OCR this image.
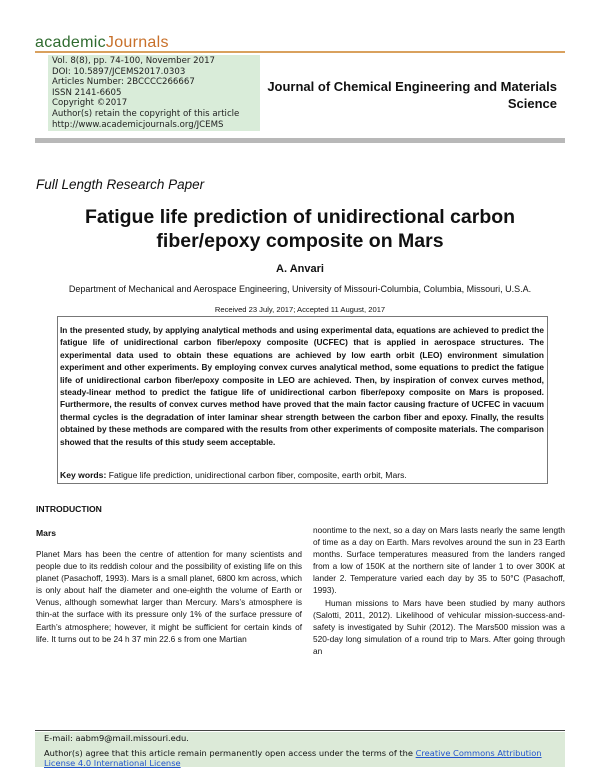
academicJournals
Vol. 8(8), pp. 74-100, November 2017
DOI: 10.5897/JCEMS2017.0303
Articles Number: 2BCCCC266667
ISSN 2141-6605
Copyright ©2017
Author(s) retain the copyright of this article
http://www.academicjournals.org/JCEMS
Journal of Chemical Engineering and Materials
Science
Full Length Research Paper
Fatigue life prediction of unidirectional carbon
fiber/epoxy composite on Mars
A. Anvari
Department of Mechanical and Aerospace Engineering, University of Missouri-Columbia, Columbia, Missouri, U.S.A.
Received 23 July, 2017; Accepted 11 August, 2017
In the presented study, by applying analytical methods and using experimental data, equations are achieved to predict the fatigue life of unidirectional carbon fiber/epoxy composite (UCFEC) that is applied in aerospace structures. The experimental data used to obtain these equations are achieved by low earth orbit (LEO) environment simulation experiment and other experiments. By employing convex curves analytical method, some equations to predict the fatigue life of unidirectional carbon fiber/epoxy composite in LEO are achieved. Then, by inspiration of convex curves method, steady-linear method to predict the fatigue life of unidirectional carbon fiber/epoxy composite on Mars is proposed. Furthermore, the results of convex curves method have proved that the main factor causing fracture of UCFEC in vacuum thermal cycles is the degradation of inter laminar shear strength between the carbon fiber and epoxy. Finally, the results obtained by these methods are compared with the results from other experiments of composite materials. The comparison showed that the results of this study seem acceptable.
Key words: Fatigue life prediction, unidirectional carbon fiber, composite, earth orbit, Mars.
INTRODUCTION
Mars

Planet Mars has been the centre of attention for many scientists and people due to its reddish colour and the possibility of existing life on this planet (Pasachoff, 1993). Mars is a small planet, 6800 km across, which is only about half the diameter and one-eighth the volume of Earth or Venus, although somewhat larger than Mercury. Mars’s atmosphere is thin-at the surface with its pressure only 1% of the surface pressure of Earth’s atmosphere; however, it might be sufficient for certain kinds of life. It turns out to be 24 h 37 min 22.6 s from one Martian

noontime to the next, so a day on Mars lasts nearly the same length of time as a day on Earth. Mars revolves around the sun in 23 Earth months. Surface temperatures measured from the landers ranged from a low of 150K at the northern site of lander 1 to over 300K at lander 2. Temperature varied each day by 35 to 50°C (Pasachoff, 1993).

Human missions to Mars have been studied by many authors (Salotti, 2011, 2012). Likelihood of vehicular mission-success-and-safety is investigated by Suhir (2012). The Mars500 mission was a 520-day long simulation of a round trip to Mars. After going through an

E-mail: aabm9@mail.missouri.edu.
Author(s) agree that this article remain permanently open access under the terms of the Creative Commons Attribution
License 4.0 International License
